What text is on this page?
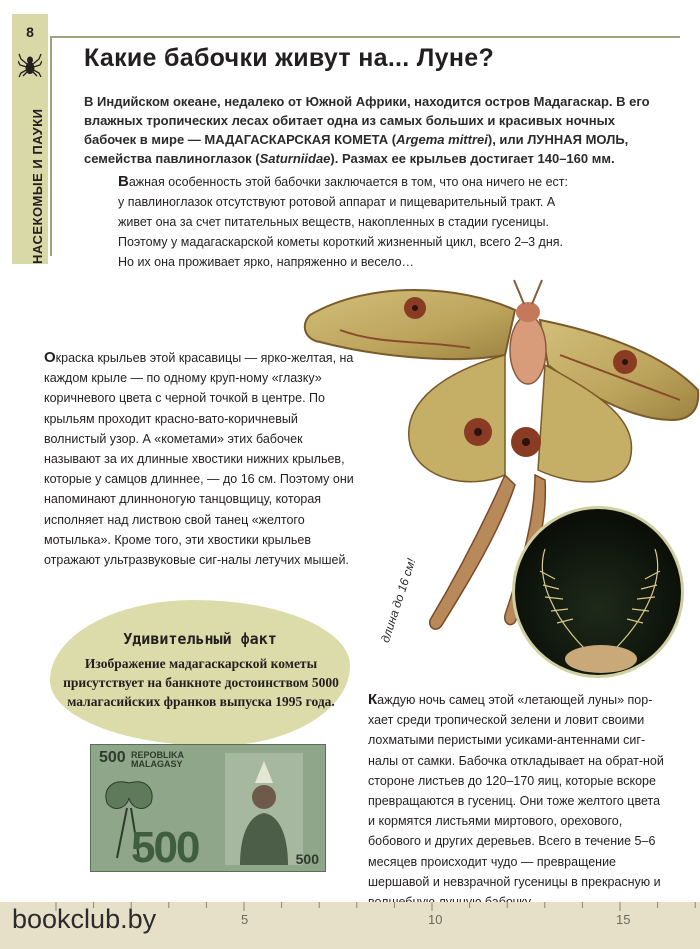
8
НАСЕКОМЫЕ И ПАУКИ
Какие бабочки живут на... Луне?

В Индийском океане, недалеко от Южной Африки, находится остров Мадагаскар. В его влажных тропических лесах обитает одна из самых больших и красивых ночных бабочек в мире — МАДАГАСКАРСКАЯ КОМЕТА (Argema mittrei), или ЛУННАЯ МОЛЬ, семейства павлиноглазок (Saturniidae). Размах ее крыльев достигает 140–160 мм.

Важная особенность этой бабочки заключается в том, что она ничего не ест: у павлиноглазок отсутствуют ротовой аппарат и пищеварительный тракт. А живет она за счет питательных веществ, накопленных в стадии гусеницы. Поэтому у мадагаскарской кометы короткий жизненный цикл, всего 2–3 дня. Но их она проживает ярко, напряженно и весело…

длина до 16 см!

Окраска крыльев этой красавицы — ярко-желтая, на каждом крыле — по одному круп-ному «глазку» коричневого цвета с черной точкой в центре. По крыльям проходит красно-вато-коричневый волнистый узор. А «кометами» этих бабочек называют за их длинные хвостики нижних крыльев, которые у самцов длиннее, — до 16 см. Поэтому они напоминают длинноногую танцовщицу, которая исполняет над листвою свой танец «желтого мотылька». Кроме того, эти хвостики крыльев отражают ультразвуковые сиг-налы летучих мышей.

Удивительный факт
Изображение мадагаскарской кометы присутствует на банкноте достоинством 5000 малагасийских франков выпуска 1995 года.
500 REPOBLIKA
MALAGASY
500	500

Каждую ночь самец этой «летающей луны» пор-хает среди тропической зелени и ловит своими лохматыми перистыми усиками-антеннами сиг-налы от самки. Бабочка откладывает на обрат-ной стороне листьев до 120–170 яиц, которые вскоре превращаются в гусениц. Они тоже желтого цвета и кормятся листьями миртового, орехового, бобового и других деревьев. Всего в течение 5–6 месяцев происходит чудо — превращение шершавой и невзрачной гусеницы в прекрасную и

bookclub.by	5	10	15
